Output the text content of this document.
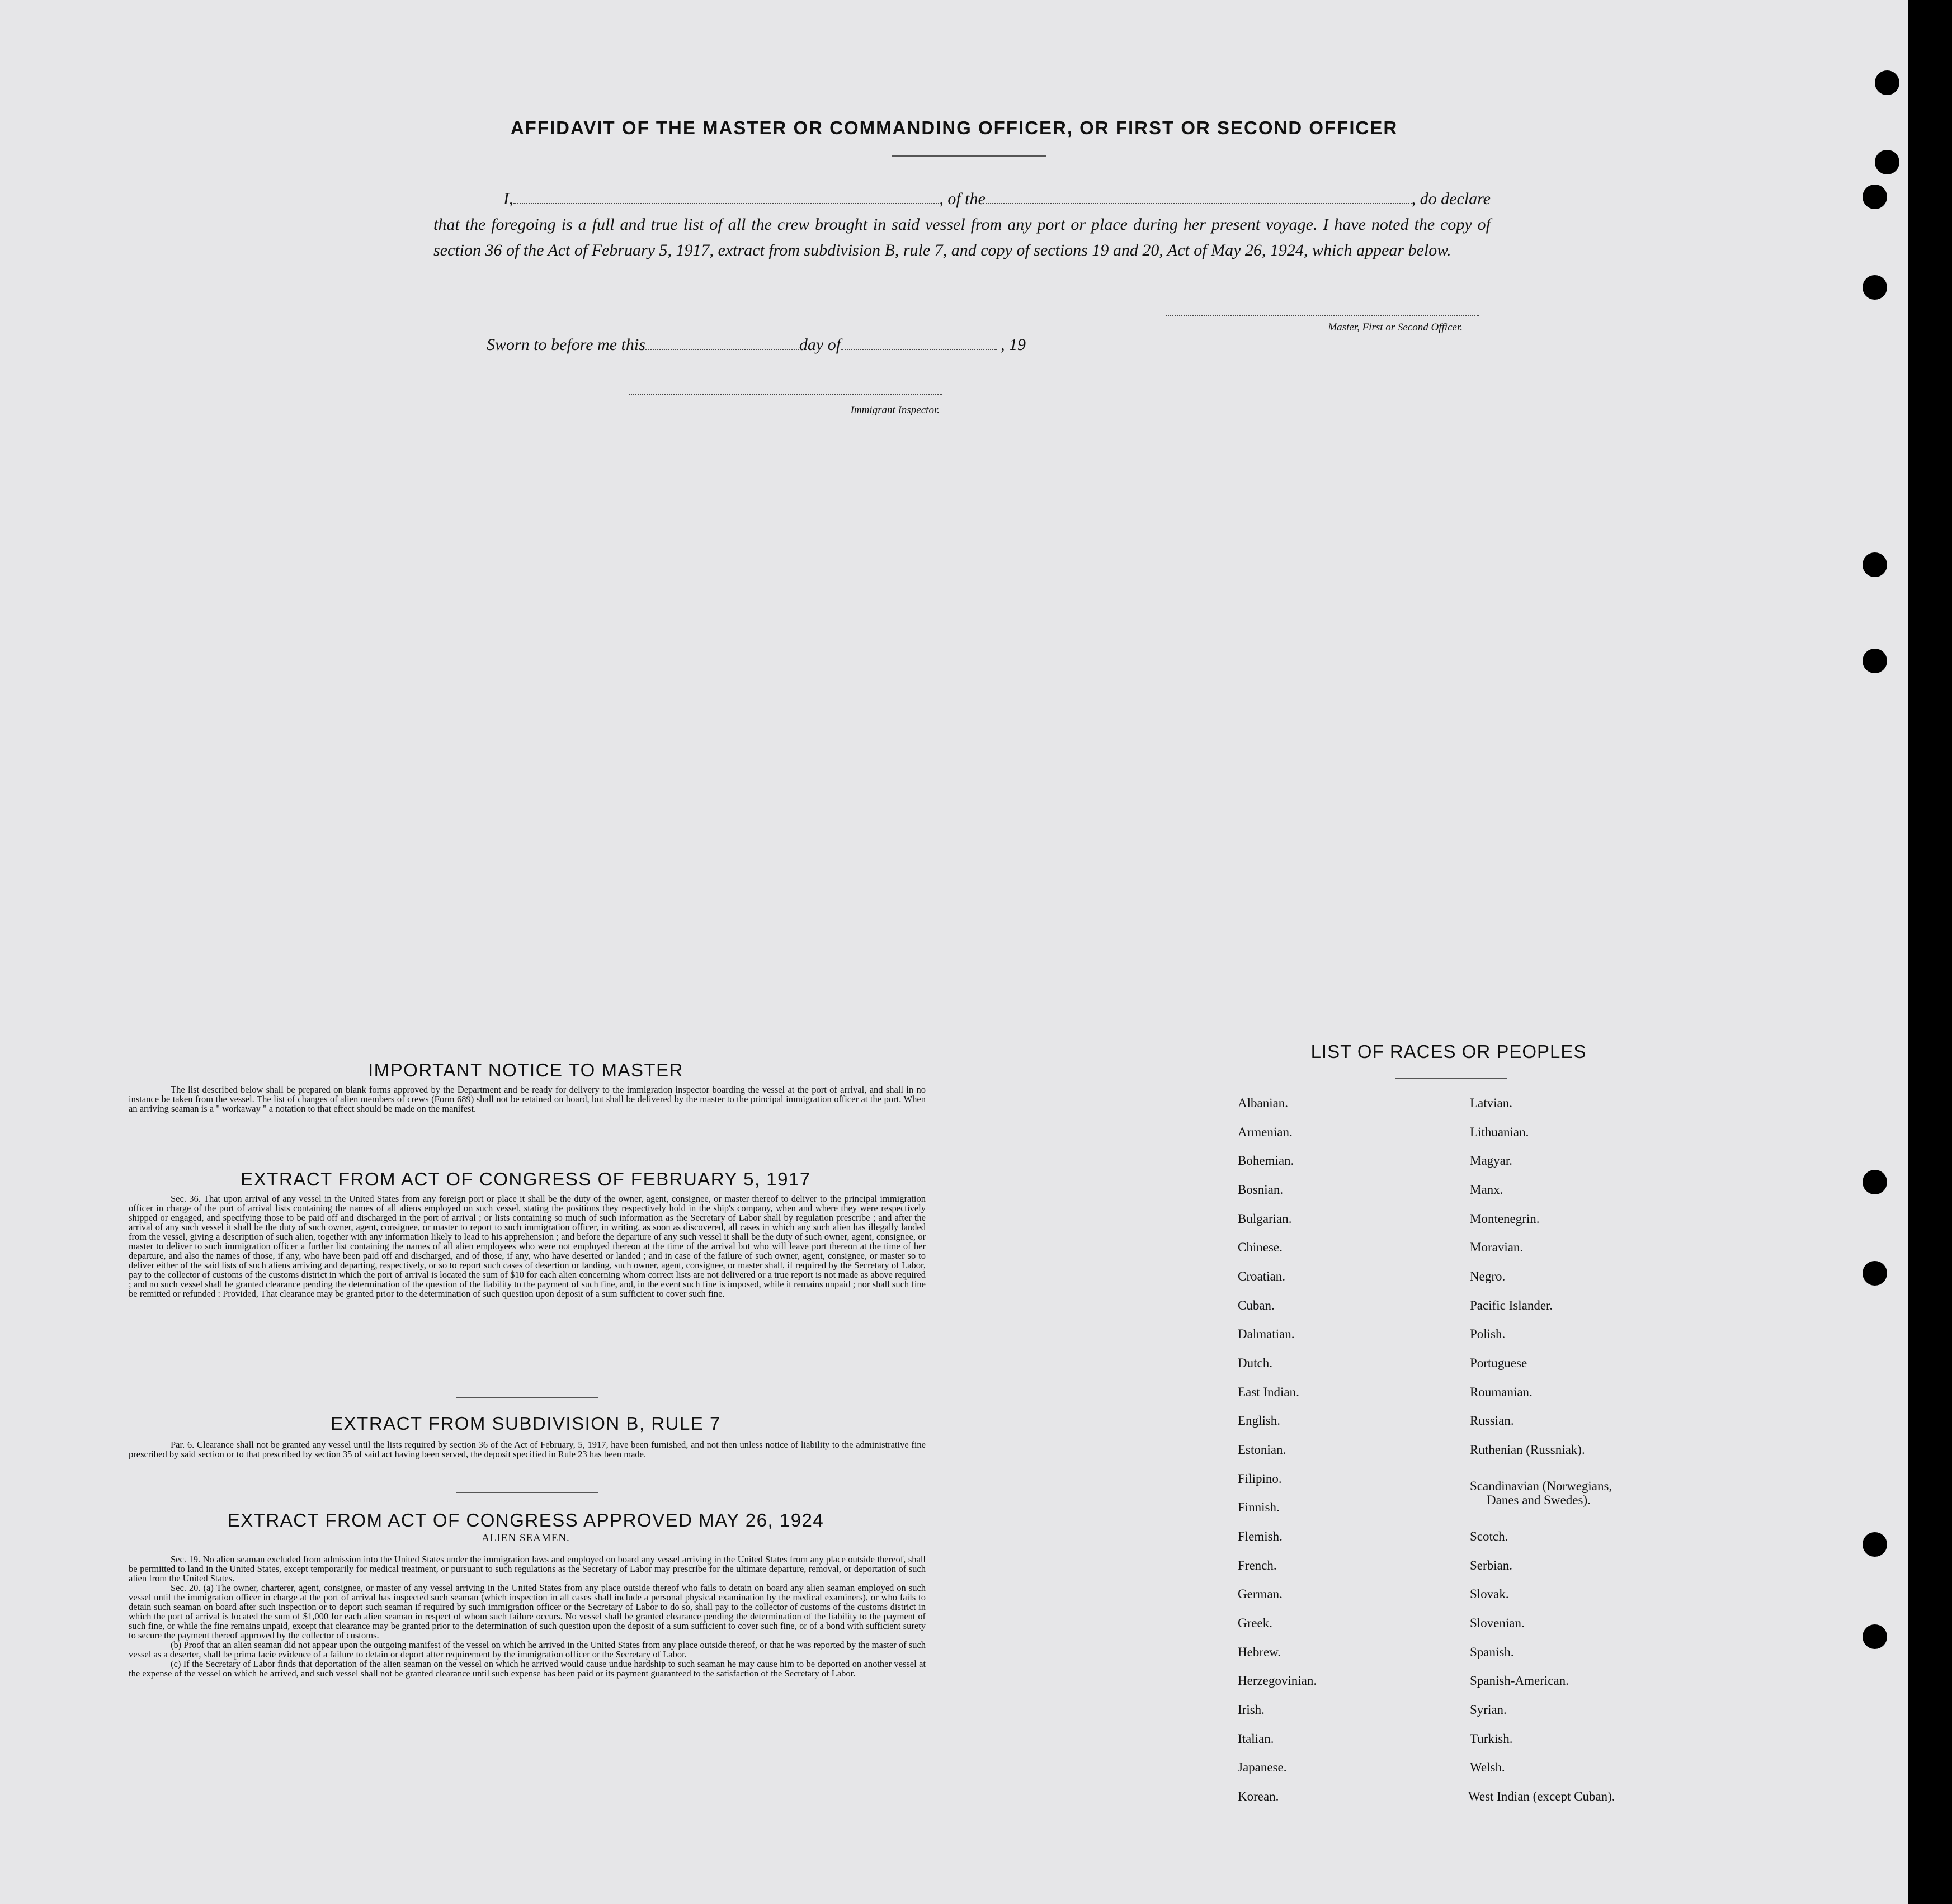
AFFIDAVIT OF THE MASTER OR COMMANDING OFFICER, OR FIRST OR SECOND OFFICER
I,	, of the	, do declare
that the foregoing is a full and true list of all the crew brought in said vessel from any port or place during her present voyage. I have noted the copy of section 36 of the Act of February 5, 1917, extract from subdivision B, rule 7, and copy of sections 19 and 20, Act of May 26, 1924, which appear below.
Master, First or Second Officer.
Sworn to before me this	day of	, 19
Immigrant Inspector.
IMPORTANT NOTICE TO MASTER
The list described below shall be prepared on blank forms approved by the Department and be ready for delivery to the immigration inspector boarding the vessel at the port of arrival, and shall in no instance be taken from the vessel. The list of changes of alien members of crews (Form 689) shall not be retained on board, but shall be delivered by the master to the principal immigration officer at the port. When an arriving seaman is a " workaway " a notation to that effect should be made on the manifest.
EXTRACT FROM ACT OF CONGRESS OF FEBRUARY 5, 1917
Sec. 36. That upon arrival of any vessel in the United States from any foreign port or place it shall be the duty of the owner, agent, consignee, or master thereof to deliver to the principal immigration officer in charge of the port of arrival lists containing the names of all aliens employed on such vessel, stating the positions they respectively hold in the ship's company, when and where they were respectively shipped or engaged, and specifying those to be paid off and discharged in the port of arrival ; or lists containing so much of such information as the Secretary of Labor shall by regulation prescribe ; and after the arrival of any such vessel it shall be the duty of such owner, agent, consignee, or master to report to such immigration officer, in writing, as soon as discovered, all cases in which any such alien has illegally landed from the vessel, giving a description of such alien, together with any information likely to lead to his apprehension ; and before the departure of any such vessel it shall be the duty of such owner, agent, consignee, or master to deliver to such immigration officer a further list containing the names of all alien employees who were not employed thereon at the time of the arrival but who will leave port thereon at the time of her departure, and also the names of those, if any, who have been paid off and discharged, and of those, if any, who have deserted or landed ; and in case of the failure of such owner, agent, consignee, or master so to deliver either of the said lists of such aliens arriving and departing, respectively, or so to report such cases of desertion or landing, such owner, agent, consignee, or master shall, if required by the Secretary of Labor, pay to the collector of customs of the customs district in which the port of arrival is located the sum of $10 for each alien concerning whom correct lists are not delivered or a true report is not made as above required ; and no such vessel shall be granted clearance pending the determination of the question of the liability to the payment of such fine, and, in the event such fine is imposed, while it remains unpaid ; nor shall such fine be remitted or refunded : Provided, That clearance may be granted prior to the determination of such question upon deposit of a sum sufficient to cover such fine.
EXTRACT FROM SUBDIVISION B, RULE 7
Par. 6. Clearance shall not be granted any vessel until the lists required by section 36 of the Act of February, 5, 1917, have been furnished, and not then unless notice of liability to the administrative fine prescribed by said section or to that prescribed by section 35 of said act having been served, the deposit specified in Rule 23 has been made.
EXTRACT FROM ACT OF CONGRESS APPROVED MAY 26, 1924
ALIEN SEAMEN.

Sec. 19. No alien seaman excluded from admission into the United States under the immigration laws and employed on board any vessel arriving in the United States from any place outside thereof, shall be permitted to land in the United States, except temporarily for medical treatment, or pursuant to such regulations as the Secretary of Labor may prescribe for the ultimate departure, removal, or deportation of such alien from the United States.

Sec. 20. (a) The owner, charterer, agent, consignee, or master of any vessel arriving in the United States from any place outside thereof who fails to detain on board any alien seaman employed on such vessel until the immigration officer in charge at the port of arrival has inspected such seaman (which inspection in all cases shall include a personal physical examination by the medical examiners), or who fails to detain such seaman on board after such inspection or to deport such seaman if required by such immigration officer or the Secretary of Labor to do so, shall pay to the collector of customs of the customs district in which the port of arrival is located the sum of $1,000 for each alien seaman in respect of whom such failure occurs. No vessel shall be granted clearance pending the determination of the liability to the payment of such fine, or while the fine remains unpaid, except that clearance may be granted prior to the determination of such question upon the deposit of a sum sufficient to cover such fine, or of a bond with sufficient surety to secure the payment thereof approved by the collector of customs.

(b) Proof that an alien seaman did not appear upon the outgoing manifest of the vessel on which he arrived in the United States from any place outside thereof, or that he was reported by the master of such vessel as a deserter, shall be prima facie evidence of a failure to detain or deport after requirement by the immigration officer or the Secretary of Labor.

(c) If the Secretary of Labor finds that deportation of the alien seaman on the vessel on which he arrived would cause undue hardship to such seaman he may cause him to be deported on another vessel at the expense of the vessel on which he arrived, and such vessel shall not be granted clearance until such expense has been paid or its payment guaranteed to the satisfaction of the Secretary of Labor.

LIST OF RACES OR PEOPLES
Albanian.
Armenian.
Bohemian.
Bosnian.
Bulgarian.
Chinese.
Croatian.
Cuban.
Dalmatian.
Dutch.
East Indian.
English.
Estonian.
Filipino.
Finnish.
Flemish.
French.
German.
Greek.
Hebrew.
Herzegovinian.
Irish.
Italian.
Japanese.
Korean.
Latvian.
Lithuanian.
Magyar.
Manx.
Montenegrin.
Moravian.
Negro.
Pacific Islander.
Polish.
Portuguese
Roumanian.
Russian.
Ruthenian (Russniak).
Scandinavian (Norwegians,
Danes and Swedes).
Scotch.
Serbian.
Slovak.
Slovenian.
Spanish.
Spanish-American.
Syrian.
Turkish.
Welsh.
West Indian (except Cuban).
